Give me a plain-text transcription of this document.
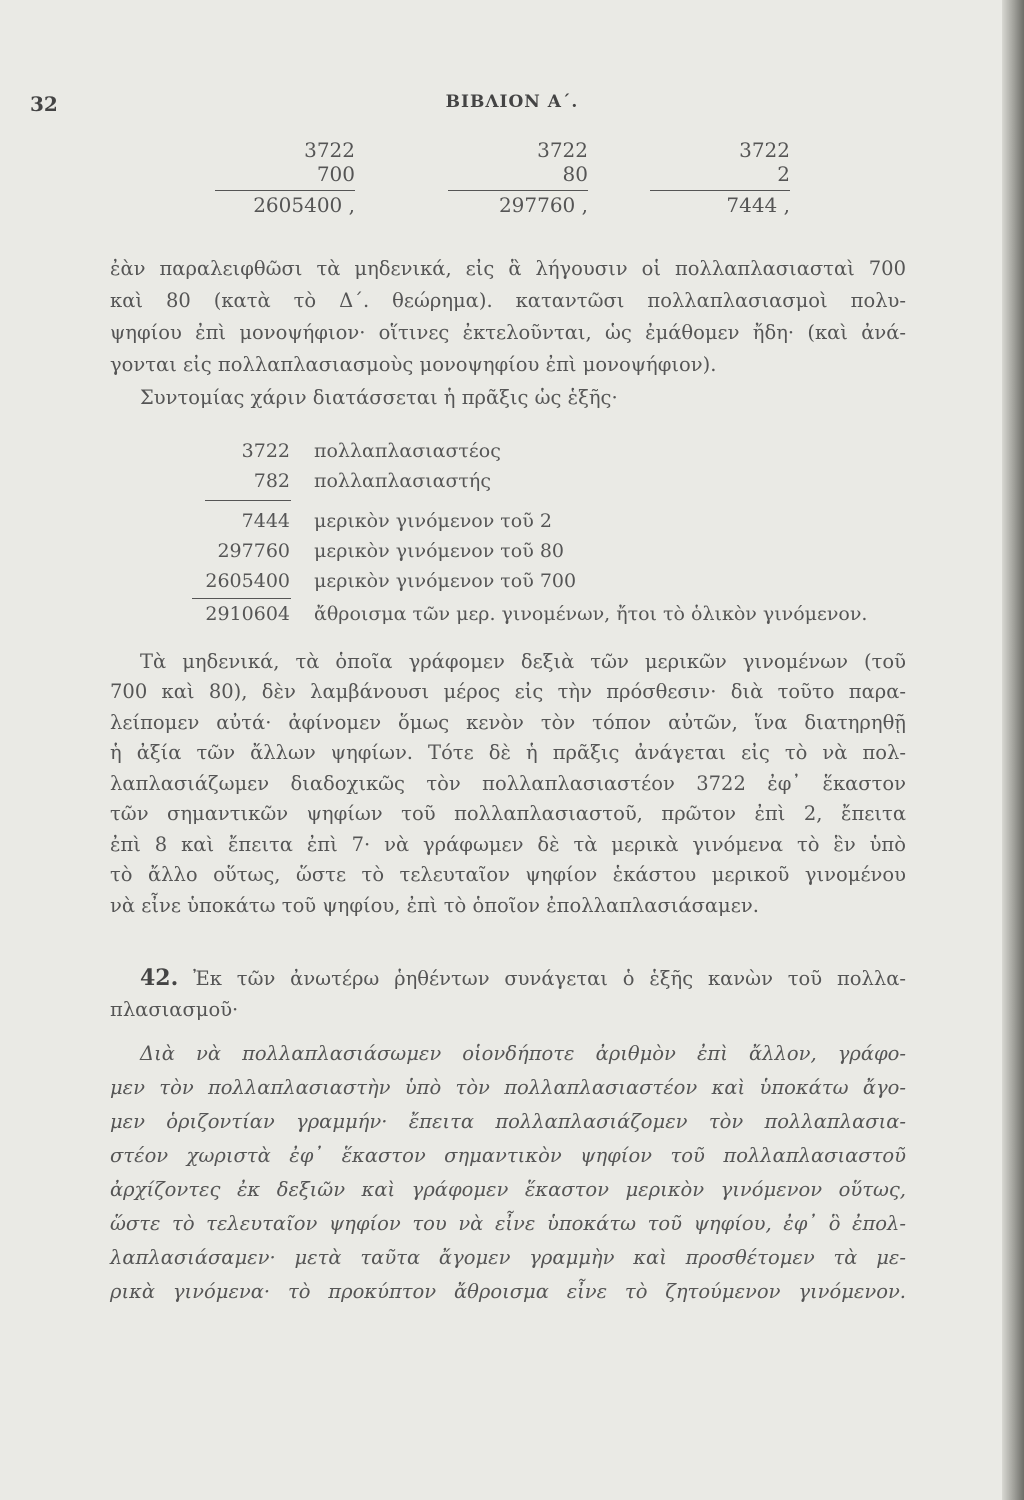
32	ΒΙΒΛΙΟΝ Α΄.
3722
700
2605400 ,
3722
80
297760 ,
3722
2
7444 ,
ἐὰν παραλειφθῶσι τὰ μηδενικά, εἰς ἃ λήγουσιν οἱ πολλαπλασιασταὶ 700
καὶ 80 (κατὰ τὸ Δ΄. θεώρημα). καταντῶσι πολλαπλασιασμοὶ πολυ-
ψηφίου ἐπὶ μονοψήφιον· οἵτινες ἐκτελοῦνται, ὡς ἐμάθομεν ἤδη· (καὶ ἀνά-
γονται εἰς πολλαπλασιασμοὺς μονοψηφίου ἐπὶ μονοψήφιον).
Συντομίας χάριν διατάσσεται ἡ πρᾶξις ὡς ἑξῆς·
3722 πολλαπλασιαστέος
782 πολλαπλασιαστής
7444 μερικὸν γινόμενον τοῦ 2
297760 μερικὸν γινόμενον τοῦ 80
2605400 μερικὸν γινόμενον τοῦ 700
2910604 ἄθροισμα τῶν μερ. γινομένων, ἤτοι τὸ ὁλικὸν γινόμενον.
Τὰ μηδενικά, τὰ ὁποῖα γράφομεν δεξιὰ τῶν μερικῶν γινομένων (τοῦ
700 καὶ 80), δὲν λαμβάνουσι μέρος εἰς τὴν πρόσθεσιν· διὰ τοῦτο παρα-
λείπομεν αὐτά· ἀφίνομεν ὅμως κενὸν τὸν τόπον αὐτῶν, ἵνα διατηρηθῇ
ἡ ἀξία τῶν ἄλλων ψηφίων. Τότε δὲ ἡ πρᾶξις ἀνάγεται εἰς τὸ νὰ πολ-
λαπλασιάζωμεν διαδοχικῶς τὸν πολλαπλασιαστέον 3722 ἐφ᾽ ἕκαστον
τῶν σημαντικῶν ψηφίων τοῦ πολλαπλασιαστοῦ, πρῶτον ἐπὶ 2, ἔπειτα
ἐπὶ 8 καὶ ἔπειτα ἐπὶ 7· νὰ γράφωμεν δὲ τὰ μερικὰ γινόμενα τὸ ἓν ὑπὸ
τὸ ἄλλο οὕτως, ὥστε τὸ τελευταῖον ψηφίον ἑκάστου μερικοῦ γινομένου
νὰ εἶνε ὑποκάτω τοῦ ψηφίου, ἐπὶ τὸ ὁποῖον ἐπολλαπλασιάσαμεν.
42. Ἐκ τῶν ἀνωτέρω ῥηθέντων συνάγεται ὁ ἑξῆς κανὼν τοῦ πολλα-
πλασιασμοῦ·
Διὰ νὰ πολλαπλασιάσωμεν οἱονδήποτε ἀριθμὸν ἐπὶ ἄλλον, γράφο-
μεν τὸν πολλαπλασιαστὴν ὑπὸ τὸν πολλαπλασιαστέον καὶ ὑποκάτω ἄγο-
μεν ὁριζοντίαν γραμμήν· ἔπειτα πολλαπλασιάζομεν τὸν πολλαπλασια-
στέον χωριστὰ ἐφ᾽ ἕκαστον σημαντικὸν ψηφίον τοῦ πολλαπλασιαστοῦ
ἀρχίζοντες ἐκ δεξιῶν καὶ γράφομεν ἕκαστον μερικὸν γινόμενον οὕτως,
ὥστε τὸ τελευταῖον ψηφίον του νὰ εἶνε ὑποκάτω τοῦ ψηφίου, ἐφ᾽ ὃ ἐπολ-
λαπλασιάσαμεν· μετὰ ταῦτα ἄγομεν γραμμὴν καὶ προσθέτομεν τὰ με-
ρικὰ γινόμενα· τὸ προκύπτον ἄθροισμα εἶνε τὸ ζητούμενον γινόμενον.
